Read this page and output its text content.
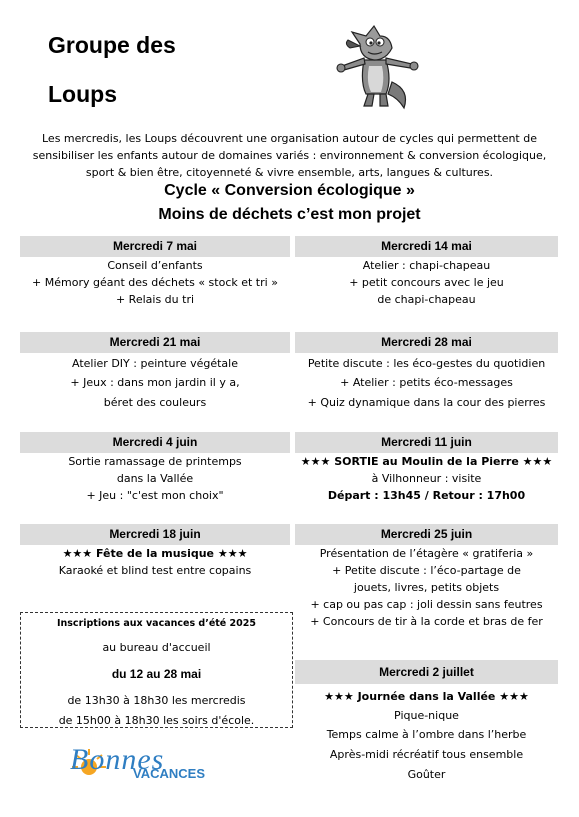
Groupe des
Loups
Les mercredis, les Loups découvrent une organisation autour de cycles qui permettent de
sensibiliser les enfants autour de domaines variés : environnement & conversion écologique,
sport & bien être, citoyenneté & vivre ensemble, arts, langues & cultures.
Cycle « Conversion écologique »
Moins de déchets c’est mon projet
Mercredi 7 mai
Conseil d’enfants
+ Mémory géant des déchets « stock et tri »
+ Relais du tri
Mercredi 14 mai
Atelier : chapi-chapeau
+ petit concours avec le jeu
de chapi-chapeau
Mercredi 21 mai
Atelier DIY : peinture végétale
+ Jeux : dans mon jardin il y a,
béret des couleurs
Mercredi 28 mai
Petite discute : les éco-gestes du quotidien
+ Atelier : petits éco-messages
+ Quiz dynamique dans la cour des pierres
Mercredi 4 juin
Sortie ramassage de printemps
dans la Vallée
+ Jeu : "c'est mon choix"
Mercredi 11 juin
★★★ SORTIE au Moulin de la Pierre ★★★
à Vilhonneur : visite
Départ : 13h45 / Retour : 17h00
Mercredi 18 juin
★★★ Fête de la musique ★★★
Karaoké et blind test entre copains
Mercredi 25 juin
Présentation de l’étagère « gratiferia »
+ Petite discute : l’éco-partage de
jouets, livres, petits objets
+ cap ou pas cap : joli dessin sans feutres
+ Concours de tir à la corde et bras de fer
Inscriptions aux vacances d’été 2025
au bureau d'accueil
du 12 au 28 mai
de 13h30 à 18h30 les mercredis
de 15h00 à 18h30 les soirs d'école.
Mercredi 2 juillet
★★★ Journée dans la Vallée ★★★
Pique-nique
Temps calme à l’ombre dans l’herbe
Après-midi récréatif tous ensemble
Goûter
Bonnes
VACANCES
